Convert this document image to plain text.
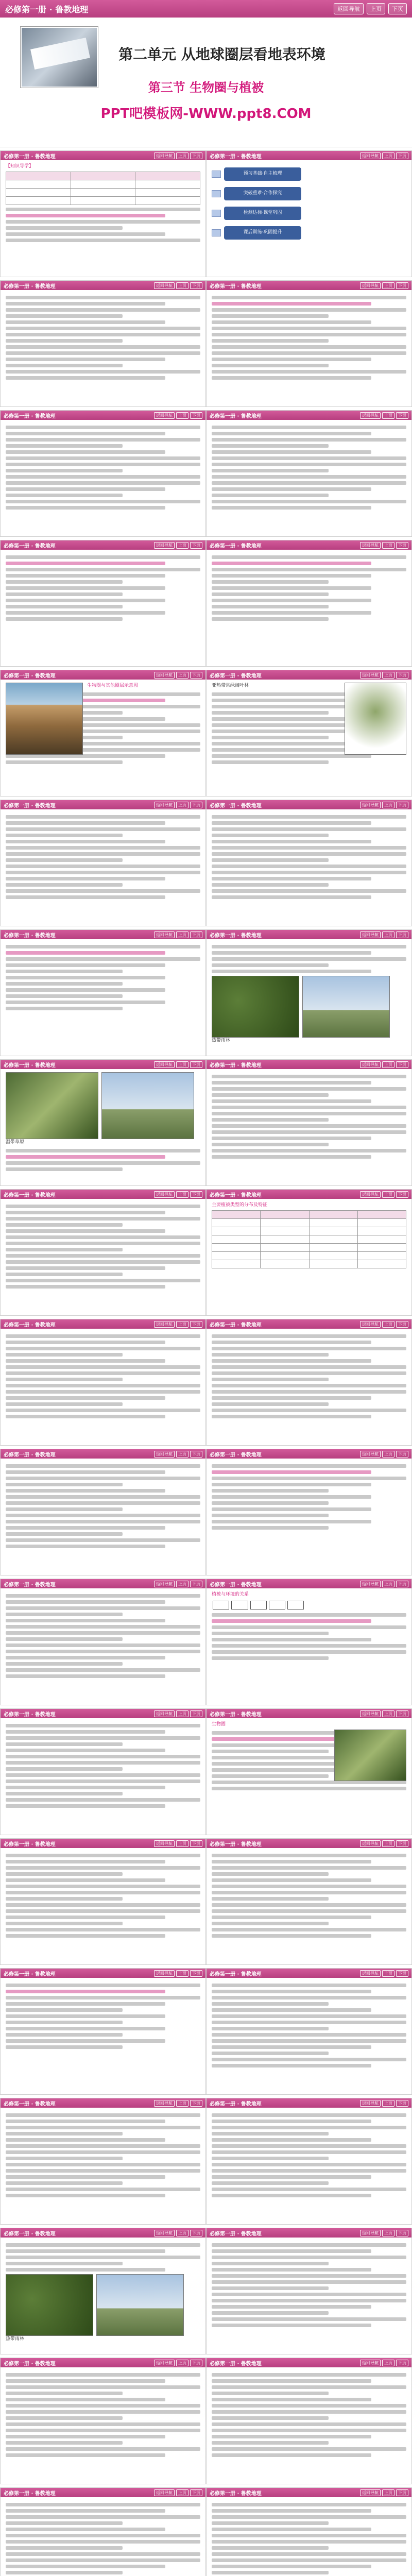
必修第一册 · 鲁教地理	返回导航	上页	下页
第二单元 从地球圈层看地表环境
第三节 生物圈与植被
PPT吧模板网-WWW.ppt8.COM
必修第一册 · 鲁教地理	返回导航	上页	下页

【知识导学】

必修第一册 · 鲁教地理	返回导航	上页	下页
预习基础·自主梳理
突破重难·合作探究
检测达标·课堂巩固
课后训练·巩固提升
必修第一册 · 鲁教地理	返回导航	上页	下页	必修第一册 · 鲁教地理	返回导航	上页	下页
必修第一册 · 鲁教地理	返回导航	上页	下页	必修第一册 · 鲁教地理	返回导航	上页	下页
必修第一册 · 鲁教地理	返回导航	上页	下页	必修第一册 · 鲁教地理	返回导航	上页	下页
必修第一册 · 鲁教地理	返回导航	上页	下页

生物圈与其他圈层示意图

必修第一册 · 鲁教地理	返回导航	上页	下页

亚热带常绿阔叶林

必修第一册 · 鲁教地理	返回导航	上页	下页	必修第一册 · 鲁教地理	返回导航	上页	下页
必修第一册 · 鲁教地理	返回导航	上页	下页	必修第一册 · 鲁教地理	返回导航	上页	下页

热带雨林

必修第一册 · 鲁教地理	返回导航	上页	下页

温带草原

必修第一册 · 鲁教地理	返回导航	上页	下页
必修第一册 · 鲁教地理	返回导航	上页	下页	必修第一册 · 鲁教地理	返回导航	上页	下页

主要植被类型的分布及特征

必修第一册 · 鲁教地理	返回导航	上页	下页	必修第一册 · 鲁教地理	返回导航	上页	下页
必修第一册 · 鲁教地理	返回导航	上页	下页	必修第一册 · 鲁教地理	返回导航	上页	下页
必修第一册 · 鲁教地理	返回导航	上页	下页	必修第一册 · 鲁教地理	返回导航	上页	下页

植被与环境的关系

必修第一册 · 鲁教地理	返回导航	上页	下页	必修第一册 · 鲁教地理	返回导航	上页	下页

生物圈

必修第一册 · 鲁教地理	返回导航	上页	下页	必修第一册 · 鲁教地理	返回导航	上页	下页
必修第一册 · 鲁教地理	返回导航	上页	下页	必修第一册 · 鲁教地理	返回导航	上页	下页
必修第一册 · 鲁教地理	返回导航	上页	下页	必修第一册 · 鲁教地理	返回导航	上页	下页
必修第一册 · 鲁教地理	返回导航	上页	下页

热带雨林

必修第一册 · 鲁教地理	返回导航	上页	下页
必修第一册 · 鲁教地理	返回导航	上页	下页	必修第一册 · 鲁教地理	返回导航	上页	下页
必修第一册 · 鲁教地理	返回导航	上页	下页	必修第一册 · 鲁教地理	返回导航	上页	下页
